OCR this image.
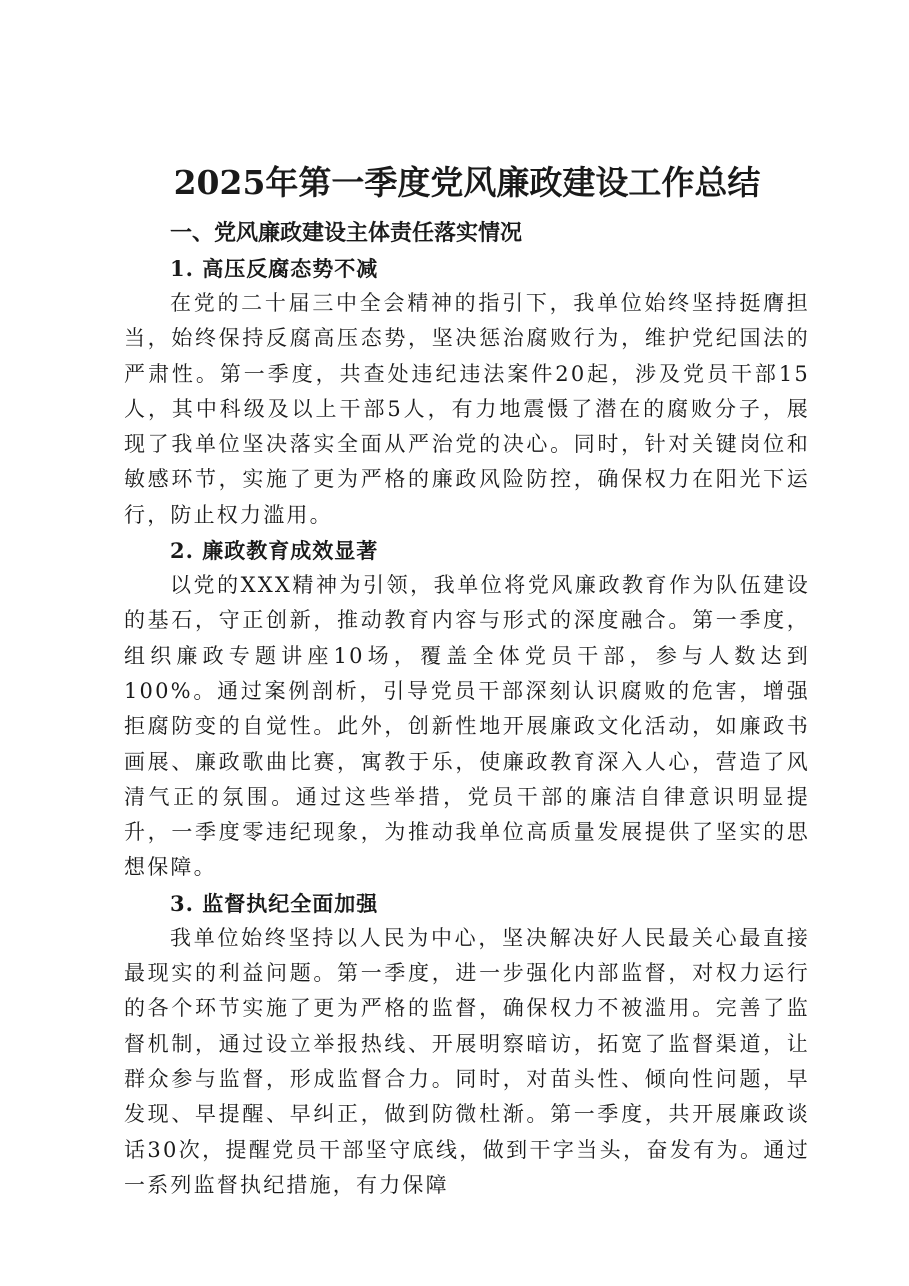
2025年第一季度党风廉政建设工作总结
一、党风廉政建设主体责任落实情况
1. 高压反腐态势不减

在党的二十届三中全会精神的指引下，我单位始终坚持挺膺担当，始终保持反腐高压态势，坚决惩治腐败行为，维护党纪国法的严肃性。第一季度，共查处违纪违法案件20起，涉及党员干部15人，其中科级及以上干部5人，有力地震慑了潜在的腐败分子，展现了我单位坚决落实全面从严治党的决心。同时，针对关键岗位和敏感环节，实施了更为严格的廉政风险防控，确保权力在阳光下运行，防止权力滥用。

2. 廉政教育成效显著

以党的XXX精神为引领，我单位将党风廉政教育作为队伍建设的基石，守正创新，推动教育内容与形式的深度融合。第一季度，组织廉政专题讲座10场，覆盖全体党员干部，参与人数达到100%。通过案例剖析，引导党员干部深刻认识腐败的危害，增强拒腐防变的自觉性。此外，创新性地开展廉政文化活动，如廉政书画展、廉政歌曲比赛，寓教于乐，使廉政教育深入人心，营造了风清气正的氛围。通过这些举措，党员干部的廉洁自律意识明显提升，一季度零违纪现象，为推动我单位高质量发展提供了坚实的思想保障。

3. 监督执纪全面加强

我单位始终坚持以人民为中心，坚决解决好人民最关心最直接最现实的利益问题。第一季度，进一步强化内部监督，对权力运行的各个环节实施了更为严格的监督，确保权力不被滥用。完善了监督机制，通过设立举报热线、开展明察暗访，拓宽了监督渠道，让群众参与监督，形成监督合力。同时，对苗头性、倾向性问题，早发现、早提醒、早纠正，做到防微杜渐。第一季度，共开展廉政谈话30次，提醒党员干部坚守底线，做到干字当头，奋发有为。通过一系列监督执纪措施，有力保障
